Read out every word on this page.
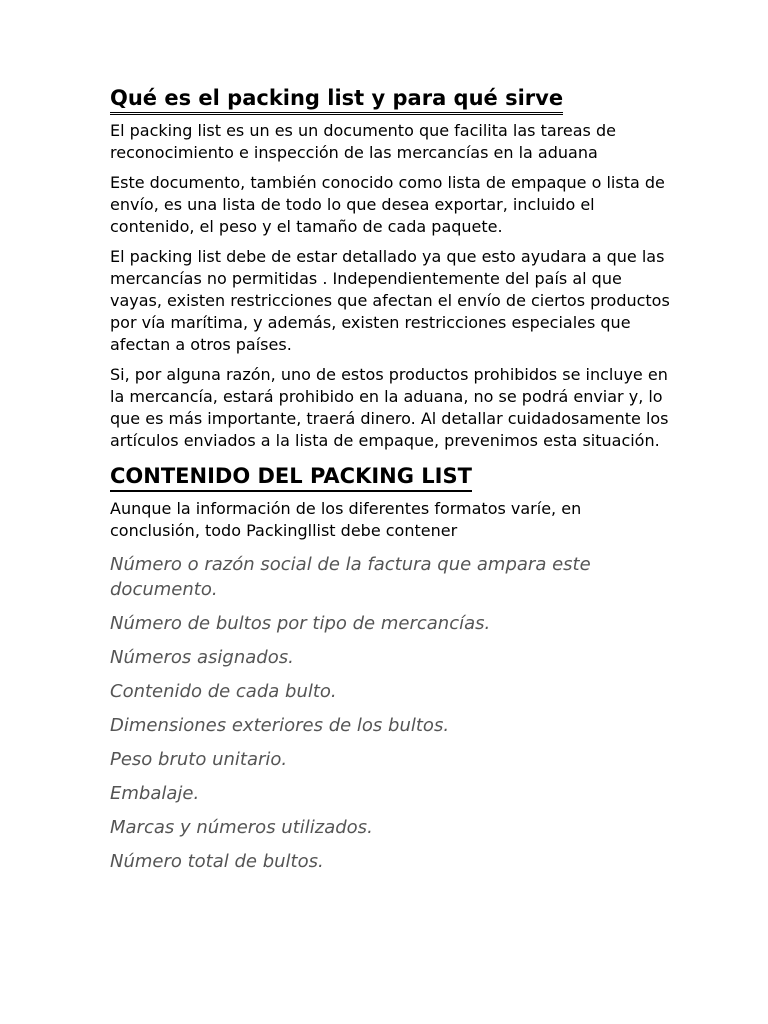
Qué es el packing list y para qué sirve

El packing list es un es un documento que facilita las tareas de reconocimiento e inspección de las mercancías en la aduana

Este documento, también conocido como lista de empaque o lista de envío, es una lista de todo lo que desea exportar, incluido el contenido, el peso y el tamaño de cada paquete.

El packing list debe de estar detallado ya que esto ayudara a que las mercancías no permitidas . Independientemente del país al que vayas, existen restricciones que afectan el envío de ciertos productos por vía marítima, y además, existen restricciones especiales que afectan a otros países.

Si, por alguna razón, uno de estos productos prohibidos se incluye en la mercancía, estará prohibido en la aduana, no se podrá enviar y, lo que es más importante, traerá dinero. Al detallar cuidadosamente los artículos enviados a la lista de empaque, prevenimos esta situación.

CONTENIDO DEL PACKING LIST

Aunque la información de los diferentes formatos varíe, en conclusión, todo Packingllist debe contener

Número o razón social de la factura que ampara este documento.
Número de bultos por tipo de mercancías.
Números asignados.
Contenido de cada bulto.
Dimensiones exteriores de los bultos.
Peso bruto unitario.
Embalaje.
Marcas y números utilizados.
Número total de bultos.
